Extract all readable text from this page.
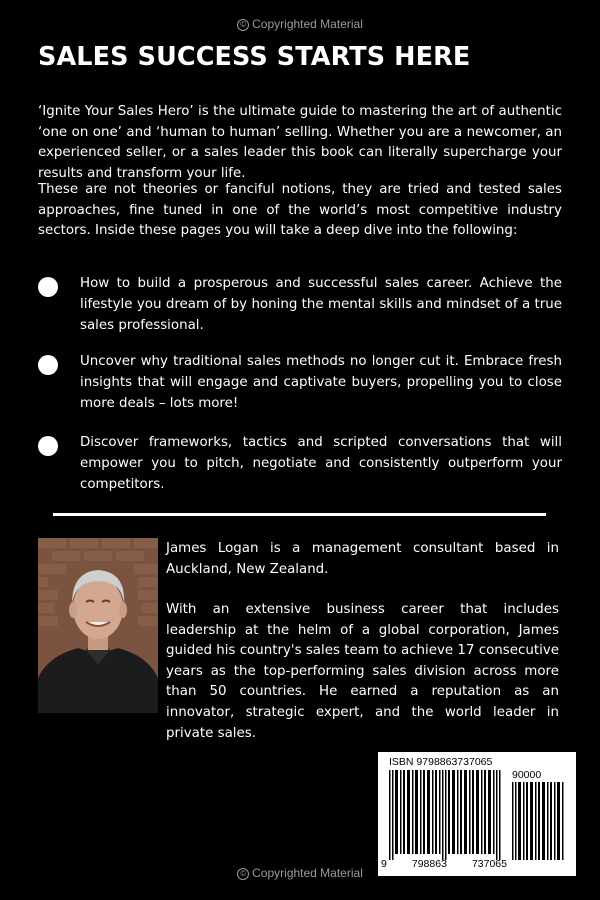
© Copyrighted Material
SALES SUCCESS STARTS HERE

‘Ignite Your Sales Hero’ is the ultimate guide to mastering the art of authentic ‘one on one’ and ‘human to human’ selling. Whether you are a newcomer, an experienced seller, or a sales leader this book can literally supercharge your results and transform your life.

These are not theories or fanciful notions, they are tried and tested sales approaches, fine tuned in one of the world’s most competitive industry sectors. Inside these pages you will take a deep dive into the following:

How to build a prosperous and successful sales career. Achieve the lifestyle you dream of by honing the mental skills and mindset of a true sales professional.

Uncover why traditional sales methods no longer cut it. Embrace fresh insights that will engage and captivate buyers, propelling you to close more deals – lots more!

Discover frameworks, tactics and scripted conversations that will empower you to pitch, negotiate and consistently outperform your competitors.

James Logan is a management consultant based in Auckland, New Zealand.

With an extensive business career that includes leadership at the helm of a global corporation, James guided his country's sales team to achieve 17 consecutive years as the top-performing sales division across more than 50 countries. He earned a reputation as an innovator, strategic expert, and the world leader in private sales.

ISBN 9798863737065
90000
9 798863 737065
© Copyrighted Material
